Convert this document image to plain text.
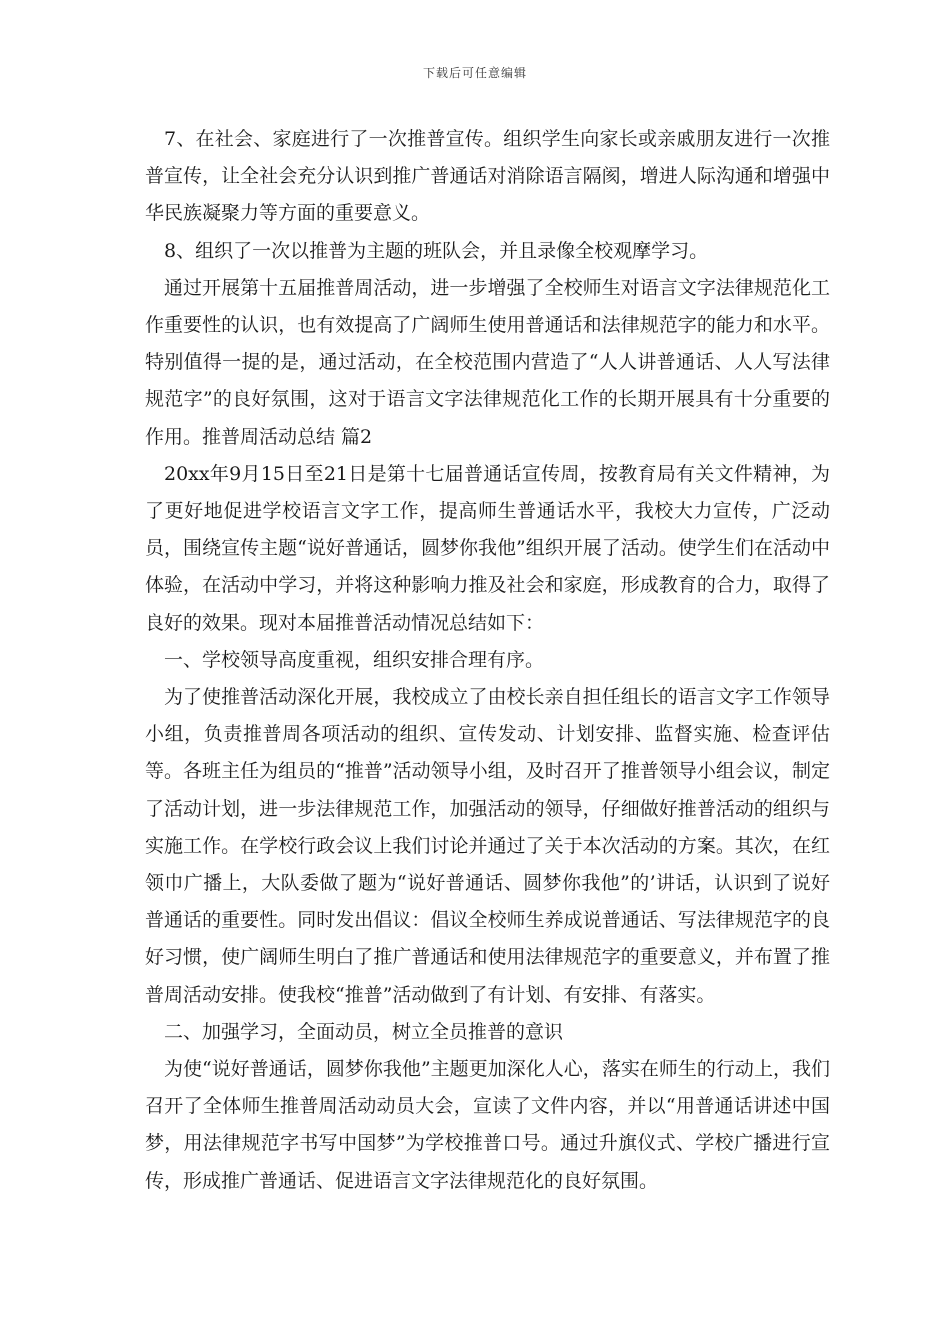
下载后可任意编辑

7、在社会、家庭进行了一次推普宣传。组织学生向家长或亲戚朋友进行一次推普宣传，让全社会充分认识到推广普通话对消除语言隔阂，增进人际沟通和增强中华民族凝聚力等方面的重要意义。

8、组织了一次以推普为主题的班队会，并且录像全校观摩学习。

通过开展第十五届推普周活动，进一步增强了全校师生对语言文字法律规范化工作重要性的认识，也有效提高了广阔师生使用普通话和法律规范字的能力和水平。特别值得一提的是，通过活动，在全校范围内营造了“人人讲普通话、人人写法律规范字”的良好氛围，这对于语言文字法律规范化工作的长期开展具有十分重要的作用。推普周活动总结 篇2

20xx年9月15日至21日是第十七届普通话宣传周，按教育局有关文件精神，为了更好地促进学校语言文字工作，提高师生普通话水平，我校大力宣传，广泛动员，围绕宣传主题“说好普通话，圆梦你我他”组织开展了活动。使学生们在活动中体验，在活动中学习，并将这种影响力推及社会和家庭，形成教育的合力，取得了良好的效果。现对本届推普活动情况总结如下：

一、学校领导高度重视，组织安排合理有序。

为了使推普活动深化开展，我校成立了由校长亲自担任组长的语言文字工作领导小组，负责推普周各项活动的组织、宣传发动、计划安排、监督实施、检查评估等。各班主任为组员的“推普”活动领导小组，及时召开了推普领导小组会议，制定了活动计划，进一步法律规范工作，加强活动的领导，仔细做好推普活动的组织与实施工作。在学校行政会议上我们讨论并通过了关于本次活动的方案。其次，在红领巾广播上，大队委做了题为“说好普通话、圆梦你我他”的’讲话，认识到了说好普通话的重要性。同时发出倡议：倡议全校师生养成说普通话、写法律规范字的良好习惯，使广阔师生明白了推广普通话和使用法律规范字的重要意义，并布置了推普周活动安排。使我校“推普”活动做到了有计划、有安排、有落实。

二、加强学习，全面动员，树立全员推普的意识

为使“说好普通话，圆梦你我他”主题更加深化人心，落实在师生的行动上，我们召开了全体师生推普周活动动员大会，宣读了文件内容，并以“用普通话讲述中国梦，用法律规范字书写中国梦”为学校推普口号。通过升旗仪式、学校广播进行宣传，形成推广普通话、促进语言文字法律规范化的良好氛围。
